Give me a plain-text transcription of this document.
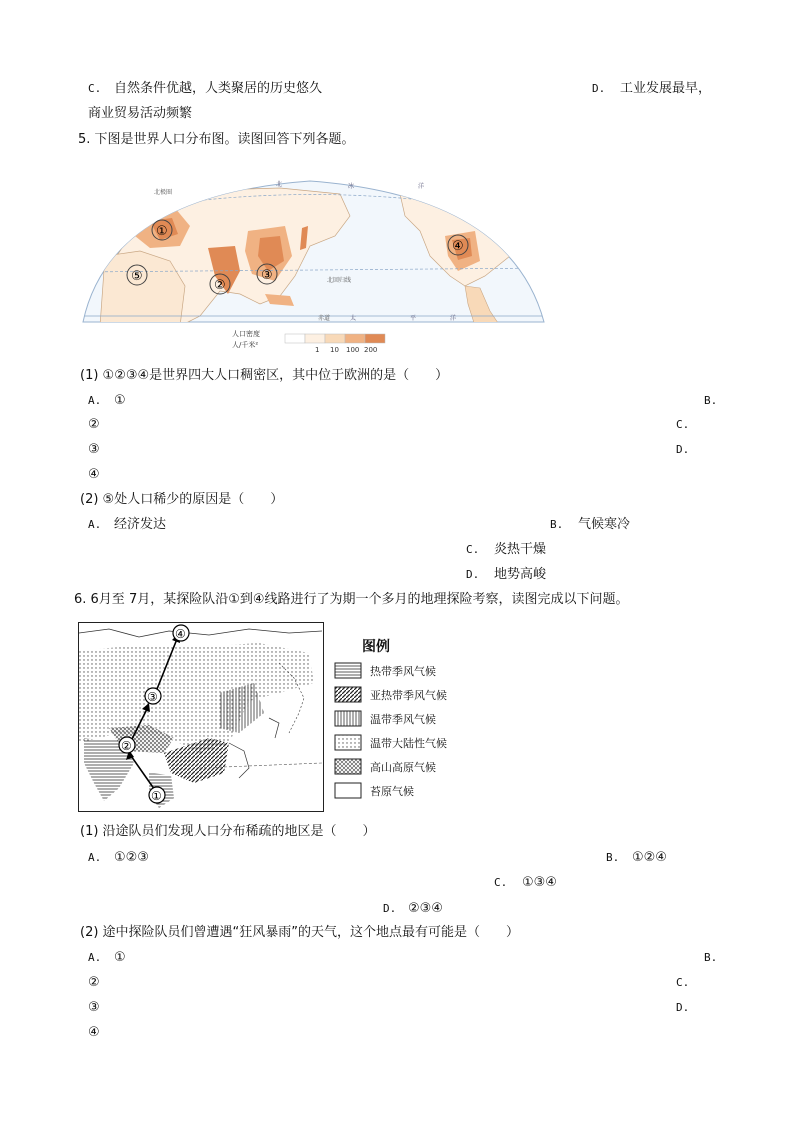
C. 自然条件优越，人类聚居的历史悠久	D. 工业发展最早，
商业贸易活动频繁
5. 下图是世界人口分布图。读图回答下列各题。
①
②
③
④
⑤
北极圈
北	冰	洋
北回归线
赤道	太	平	洋
人口密度
人/千米²
1 10 100 200
(1) ①②③④是世界四大人口稠密区，其中位于欧洲的是（　　）
A. ①	B.
②	C.
③	D.
④
(2) ⑤处人口稀少的原因是（　　）
A. 经济发达	B. 气候寒冷
C. 炎热干燥
D. 地势高峻
6. 6月至 7月，某探险队沿①到④线路进行了为期一个多月的地理探险考察，读图完成以下问题。
①
②
③
④
图例
热带季风气候
亚热带季风气候
温带季风气候
温带大陆性气候
高山高原气候
苔原气候
(1) 沿途队员们发现人口分布稀疏的地区是（　　）
A. ①②③	B. ①②④
C. ①③④
D. ②③④
(2) 途中探险队员们曾遭遇“狂风暴雨”的天气，这个地点最有可能是（　　）
A. ①	B.
②	C.
③	D.
④
